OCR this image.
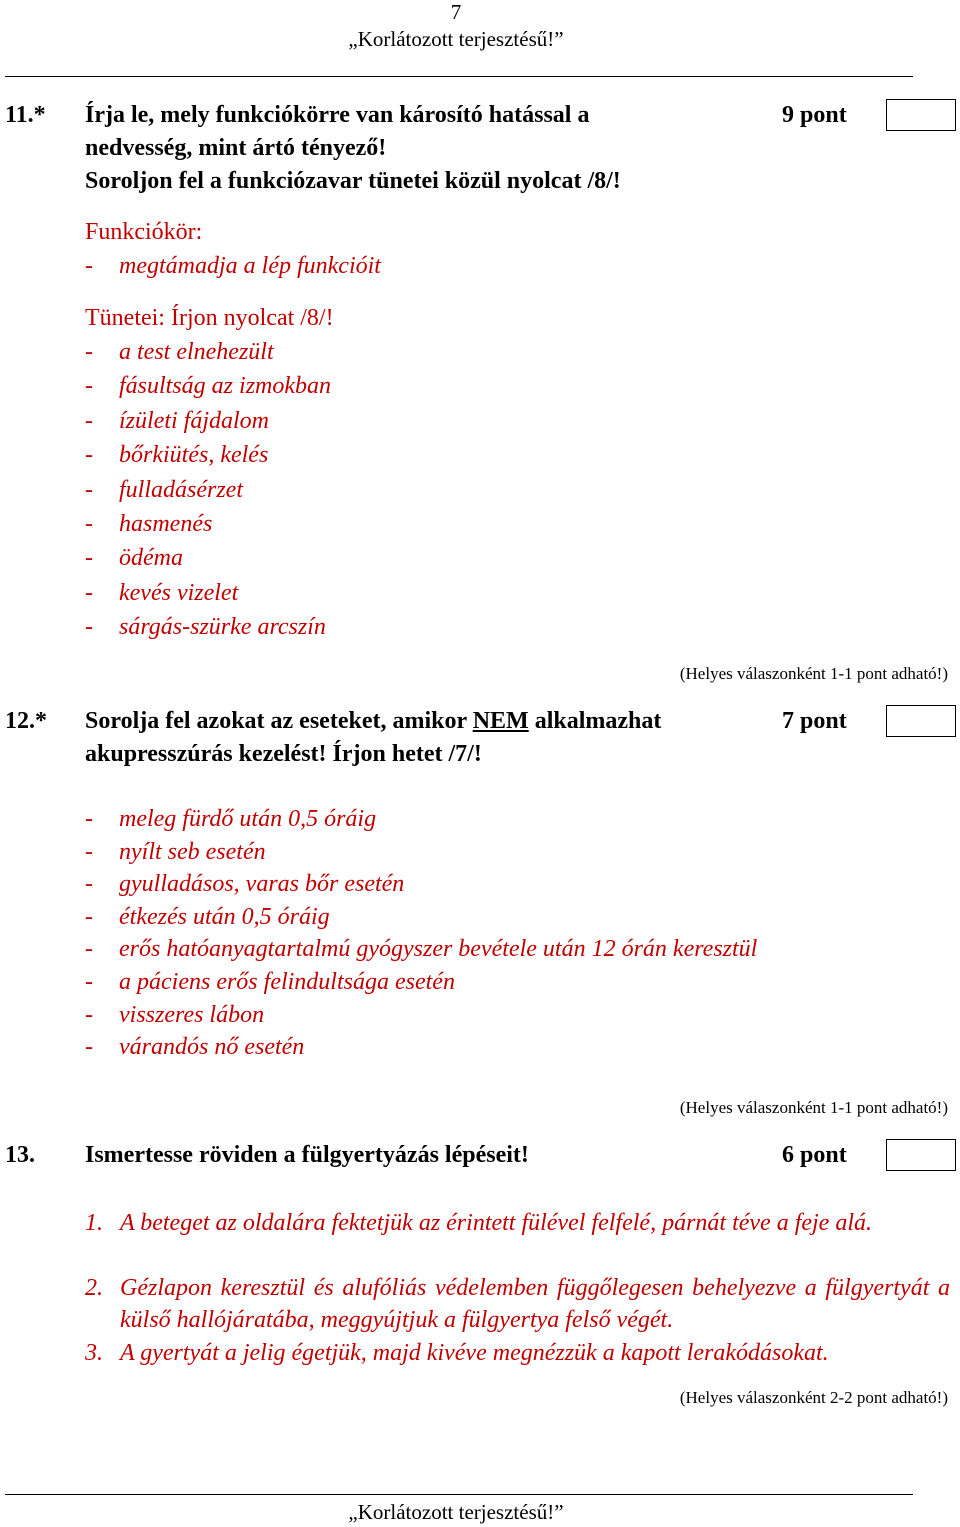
7
„Korlátozott terjesztésű!”
11.* Írja le, mely funkciókörre van károsító hatással a
nedvesség, mint ártó tényező!
Soroljon fel a funkciózavar tünetei közül nyolcat /8/!
9 pont
Funkciókör:
- megtámadja a lép funkcióit
Tünetei: Írjon nyolcat /8/!
- a test elnehezült
- fásultság az izmokban
- ízületi fájdalom
- bőrkiütés, kelés
- fulladásérzet
- hasmenés
- ödéma
- kevés vizelet
- sárgás-szürke arcszín
(Helyes válaszonként 1-1 pont adható!)
12.* Sorolja fel azokat az eseteket, amikor NEM alkalmazhat
akupresszúrás kezelést! Írjon hetet /7/!
7 pont
- meleg fürdő után 0,5 óráig
- nyílt seb esetén
- gyulladásos, varas bőr esetén
- étkezés után 0,5 óráig
- erős hatóanyagtartalmú gyógyszer bevétele után 12 órán keresztül
- a páciens erős felindultsága esetén
- visszeres lábon
- várandós nő esetén
(Helyes válaszonként 1-1 pont adható!)
13. Ismertesse röviden a fülgyertyázás lépéseit!	6 pont
1. A beteget az oldalára fektetjük az érintett fülével felfelé, párnát téve a feje alá.
2. Gézlapon keresztül és alufóliás védelemben függőlegesen behelyezve a fülgyertyát a külső hallójáratába, meggyújtjuk a fülgyertya felső végét.
3. A gyertyát a jelig égetjük, majd kivéve megnézzük a kapott lerakódásokat.
(Helyes válaszonként 2-2 pont adható!)
„Korlátozott terjesztésű!”
